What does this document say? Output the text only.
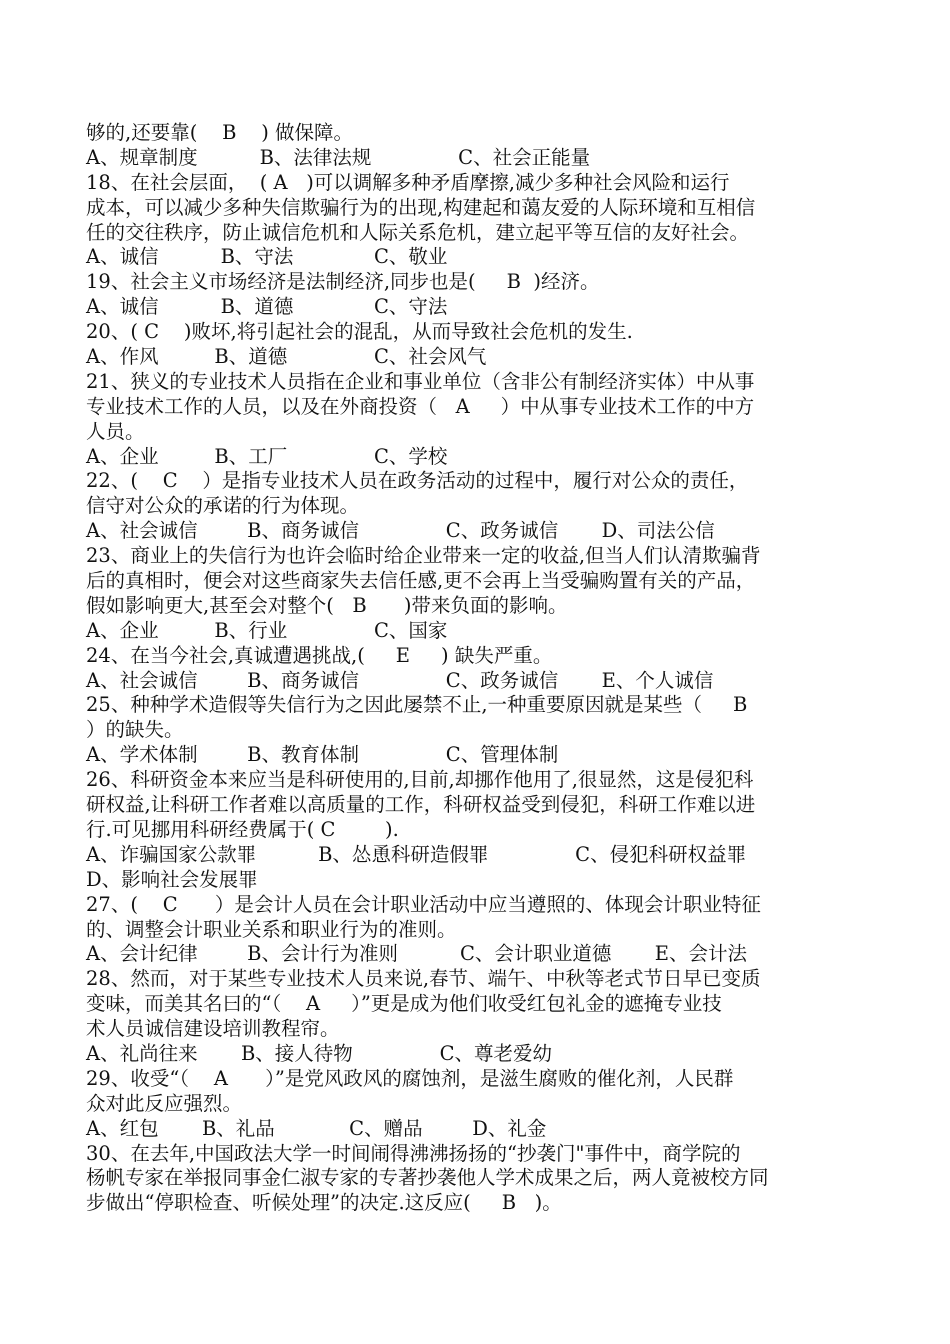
够的,还要靠(    B    ) 做保障。
A、规章制度          B、法律法规              C、社会正能量
18、在社会层面，  ( A   )可以调解多种矛盾摩擦,减少多种社会风险和运行
成本，可以减少多种失信欺骗行为的出现,构建起和蔼友爱的人际环境和互相信
任的交往秩序，防止诚信危机和人际关系危机，建立起平等互信的友好社会。
A、诚信          B、守法             C、敬业
19、社会主义市场经济是法制经济,同步也是(     B  )经济。
A、诚信          B、道德             C、守法
20、( C    )败坏,将引起社会的混乱，从而导致社会危机的发生.
A、作风         B、道德              C、社会风气
21、狭义的专业技术人员指在企业和事业单位（含非公有制经济实体）中从事
专业技术工作的人员，以及在外商投资（   A     ）中从事专业技术工作的中方
人员。
A、企业         B、工厂              C、学校
22、(    C    ）是指专业技术人员在政务活动的过程中，履行对公众的责任，
信守对公众的承诺的行为体现。
A、社会诚信        B、商务诚信              C、政务诚信       D、司法公信
23、商业上的失信行为也许会临时给企业带来一定的收益,但当人们认清欺骗背
后的真相时，便会对这些商家失去信任感,更不会再上当受骗购置有关的产品，
假如影响更大,甚至会对整个(   B      )带来负面的影响。
A、企业         B、行业              C、国家
24、在当今社会,真诚遭遇挑战,(     E     ) 缺失严重。
A、社会诚信        B、商务诚信              C、政务诚信       E、个人诚信
25、种种学术造假等失信行为之因此屡禁不止,一种重要原因就是某些（     B
）的缺失。
A、学术体制        B、教育体制              C、管理体制
26、科研资金本来应当是科研使用的,目前,却挪作他用了,很显然，这是侵犯科
研权益,让科研工作者难以高质量的工作，科研权益受到侵犯，科研工作难以进
行.可见挪用科研经费属于( C        ).
A、诈骗国家公款罪          B、怂恿科研造假罪              C、侵犯科研权益罪
D、影响社会发展罪
27、(    C      ）是会计人员在会计职业活动中应当遵照的、体现会计职业特征
的、调整会计职业关系和职业行为的准则。
A、会计纪律        B、会计行为准则          C、会计职业道德       E、会计法
28、然而，对于某些专业技术人员来说,春节、端午、中秋等老式节日早已变质
变味，而美其名曰的“（    A     ）”更是成为他们收受红包礼金的遮掩专业技
术人员诚信建设培训教程帘。
A、礼尚往来       B、接人待物              C、尊老爱幼
29、收受“（    A      ）”是党风政风的腐蚀剂，是滋生腐败的催化剂，人民群
众对此反应强烈。
A、红包       B、礼品            C、赠品        D、礼金
30、在去年,中国政法大学一时间闹得沸沸扬扬的“抄袭门"事件中，商学院的
杨帆专家在举报同事金仁淑专家的专著抄袭他人学术成果之后，两人竟被校方同
步做出“停职检查、听候处理”的决定.这反应(     B   )。
